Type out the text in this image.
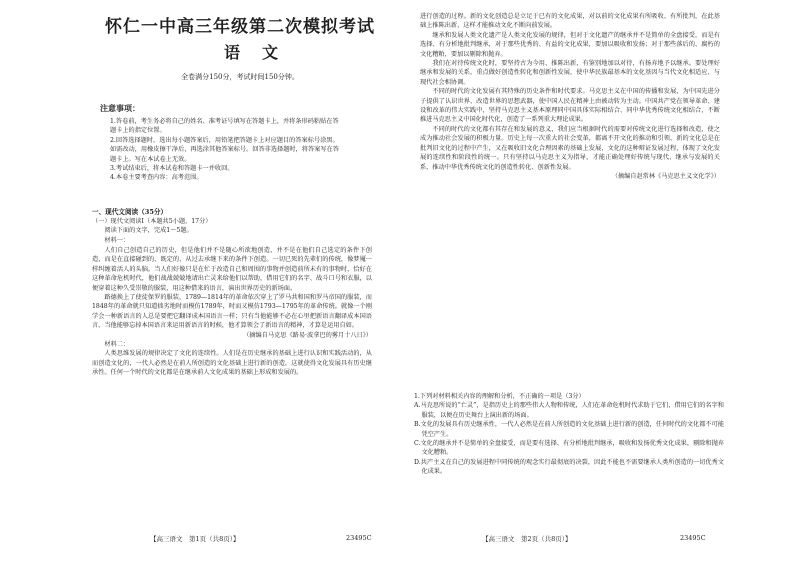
怀仁一中高三年级第二次模拟考试
语文
全卷满分150分，考试时间150分钟。
注意事项：
1.答卷前，考生务必将自己的姓名、准考证号填写在答题卡上，并将条形码粘贴在答题卡上的指定位置。
2.回答选择题时，选出每小题答案后，用铅笔把答题卡上对应题目的答案标号涂黑。如需改动，用橡皮擦干净后，再选涂其他答案标号。回答非选择题时，将答案写在答题卡上。写在本试卷上无效。
3.考试结束后，将本试卷和答题卡一并收回。
4.本卷主要考查内容：高考范围。
一、现代文阅读（35分）

（一）现代文阅读Ⅰ（本题共5小题，17分）

阅读下面的文字，完成1～5题。

材料一：

人们自己创造自己的历史，但是他们并不是随心所欲地创造，并不是在他们自己选定的条件下创造，而是在直接碰到的、既定的、从过去承继下来的条件下创造。一切已死的先辈们的传统，像梦魇一样纠缠着活人的头脑。当人们好像只是在忙于改造自己和周围的事物并创造前所未有的事物时，恰好在这种革命危机时代，他们战战兢兢地请出亡灵来给他们以帮助，借用它们的名字、战斗口号和衣服，以便穿着这种久受崇敬的服装，用这种借来的语言，演出世界历史的新场面。

路德换上了使徒保罗的服装，1789—1814年的革命依次穿上了罗马共和国和罗马帝国的服装，而1848年的革命就只知道拙劣地时而模仿1789年，时而又模仿1793—1795年的革命传统。就像一个刚学会一种新语言的人总是要把它翻译成本国语言一样；只有当他能够不必在心里把新语言翻译成本国语言，当他能够忘掉本国语言来运用新语言的时候，他才算领会了新语言的精神，才算是运用自如。

（摘编自马克思《路易·波拿巴的雾月十八日》）

材料二：

人类思维发展的规律决定了文化的连续性。人们是在历史继承的基础上进行认识和实践活动的，从而创造文化的，一代人必然是在前人所创造的文化基础上进行新的创造，这就使得文化发展具有历史继承性。任何一个时代的文化都是在继承前人文化成果的基础上形成和发展的。

【高三语文　第1页（共8页）】	23495C

进行创造的过程。新的文化创造总是立足于已有的文化成果，对以前的文化成果有所吸收、有所批判，在此基础上推陈出新，这样才能推动文化不断向前发展。

继承和发展人类文化遗产是人类文化发展的规律，但对于文化遗产的继承并不是简单的全盘接受，而是有选择、有分析地批判继承，对于那些优秀的、有益的文化成果，要加以吸收和发扬；对于那些落后的、腐朽的文化糟粕，要加以剔除和抛弃。

我们在对待传统文化时，要坚持古为今用、推陈出新，有鉴别地加以对待，有扬弃地予以继承。要处理好继承和发展的关系，重点做好创造性转化和创新性发展，使中华民族最基本的文化基因与当代文化相适应、与现代社会相协调。

不同的时代的文化发展有其特殊的历史条件和时代要求。马克思主义在中国的传播和发展，为中国先进分子提供了认识世界、改造世界的思想武器，使中国人民在精神上由被动转为主动。中国共产党在领导革命、建设和改革的伟大实践中，坚持马克思主义基本原理同中国具体实际相结合、同中华优秀传统文化相结合，不断推进马克思主义中国化时代化，创造了一系列重大理论成果。

不同的时代的文化都有其存在和发展的意义，我们应当根据时代的需要对传统文化进行选择和改造，使之成为推动社会发展的积极力量。历史上每一次重大的社会变革，都离不开文化的推动和引领，新的文化总是在批判旧文化的过程中产生，又在吸收旧文化合理因素的基础上发展，文化的这种辩证发展过程，体现了文化发展的连续性和阶段性的统一。只有坚持以马克思主义为指导，才能正确处理好传统与现代、继承与发展的关系，推动中华优秀传统文化的创造性转化、创新性发展。

（摘编自赵常林《马克思主义文化学》）

1.下列对材料相关内容的理解和分析，不正确的一项是（3分）

A.马克思所说的“亡灵”，是指历史上的那些伟大人物和传统，人们在革命危机时代求助于它们，借用它们的名字和服装，以便在历史舞台上演出新的场面。
B.文化的发展具有历史继承性，一代人必然是在前人所创造的文化基础上进行新的创造，任何时代的文化都不可能凭空产生。
C.文化的继承并不是简单的全盘接受，而是要有选择、有分析地批判继承，吸收和发扬优秀文化成果，剔除和抛弃文化糟粕。
D.共产主义在自己的发展进程中同传统的观念实行最彻底的决裂，因此不能也不需要继承人类所创造的一切优秀文化成果。
【高三语文　第2页（共8页）】	23495C
